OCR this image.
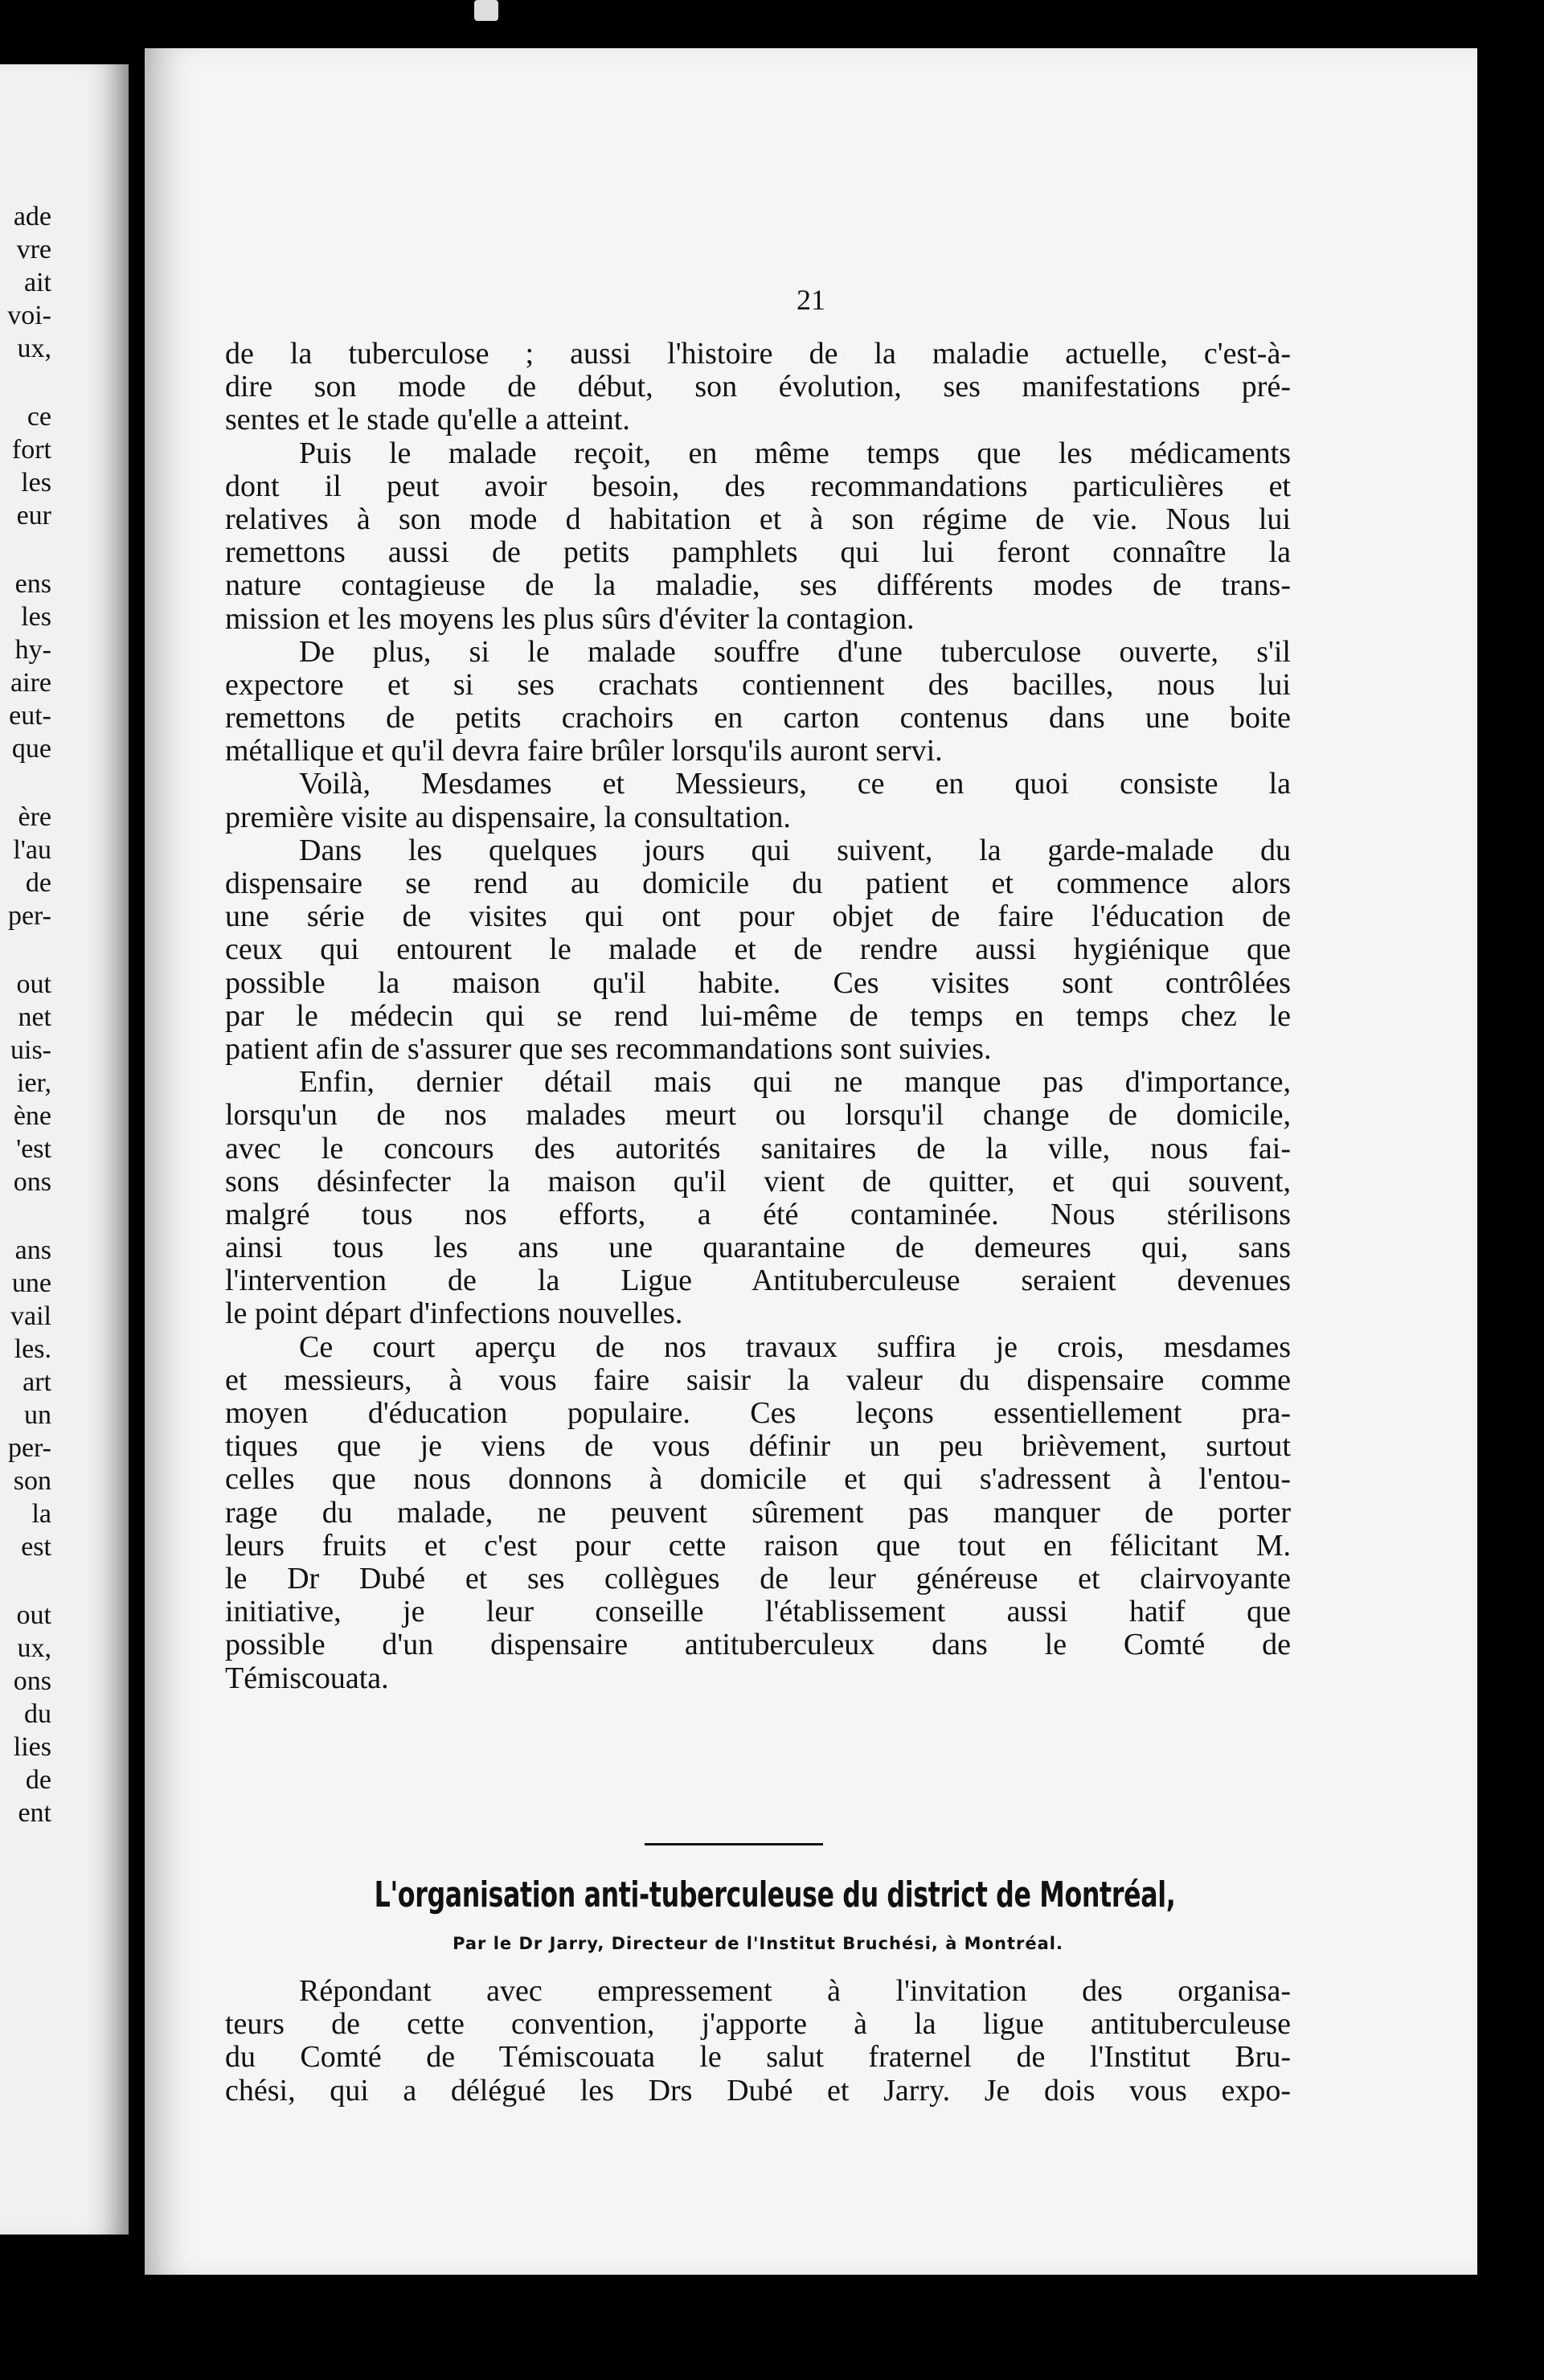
ade
vre
ait
voi-
ux,
ce
fort
les
eur
ens
les
hy-
aire
eut-
que
ère
l'au
de
per-
out
net
uis-
ier,
ène
'est
ons
ans
une
vail
les.
art
un
per-
son
la
est
out
ux,
ons
du
lies
de
ent
21
de la tuberculose ; aussi l'histoire de la maladie actuelle, c'est-à-
dire son mode de début, son évolution, ses manifestations pré-
sentes et le stade qu'elle a atteint.
Puis le malade reçoit, en même temps que les médicaments
dont il peut avoir besoin, des recommandations particulières et
relatives à son mode d habitation et à son régime de vie. Nous lui
remettons aussi de petits pamphlets qui lui feront connaître la
nature contagieuse de la maladie, ses différents modes de trans-
mission et les moyens les plus sûrs d'éviter la contagion.
De plus, si le malade souffre d'une tuberculose ouverte, s'il
expectore et si ses crachats contiennent des bacilles, nous lui
remettons de petits crachoirs en carton contenus dans une boite
métallique et qu'il devra faire brûler lorsqu'ils auront servi.
Voilà, Mesdames et Messieurs, ce en quoi consiste la
première visite au dispensaire, la consultation.
Dans les quelques jours qui suivent, la garde-malade du
dispensaire se rend au domicile du patient et commence alors
une série de visites qui ont pour objet de faire l'éducation de
ceux qui entourent le malade et de rendre aussi hygiénique que
possible la maison qu'il habite. Ces visites sont contrôlées
par le médecin qui se rend lui-même de temps en temps chez le
patient afin de s'assurer que ses recommandations sont suivies.
Enfin, dernier détail mais qui ne manque pas d'importance,
lorsqu'un de nos malades meurt ou lorsqu'il change de domicile,
avec le concours des autorités sanitaires de la ville, nous fai-
sons désinfecter la maison qu'il vient de quitter, et qui souvent,
malgré tous nos efforts, a été contaminée. Nous stérilisons
ainsi tous les ans une quarantaine de demeures qui, sans
l'intervention de la Ligue Antituberculeuse seraient devenues
le point départ d'infections nouvelles.
Ce court aperçu de nos travaux suffira je crois, mesdames
et messieurs, à vous faire saisir la valeur du dispensaire comme
moyen d'éducation populaire. Ces leçons essentiellement pra-
tiques que je viens de vous définir un peu brièvement, surtout
celles que nous donnons à domicile et qui s'adressent à l'entou-
rage du malade, ne peuvent sûrement pas manquer de porter
leurs fruits et c'est pour cette raison que tout en félicitant M.
le Dr Dubé et ses collègues de leur généreuse et clairvoyante
initiative, je leur conseille l'établissement aussi hatif que
possible d'un dispensaire antituberculeux dans le Comté de
Témiscouata.
L'organisation anti-tuberculeuse du district de Montréal,
Par le Dr Jarry, Directeur de l'Institut Bruchési, à Montréal.
Répondant avec empressement à l'invitation des organisa-
teurs de cette convention, j'apporte à la ligue antituberculeuse
du Comté de Témiscouata le salut fraternel de l'Institut Bru-
chési, qui a délégué les Drs Dubé et Jarry. Je dois vous expo-
